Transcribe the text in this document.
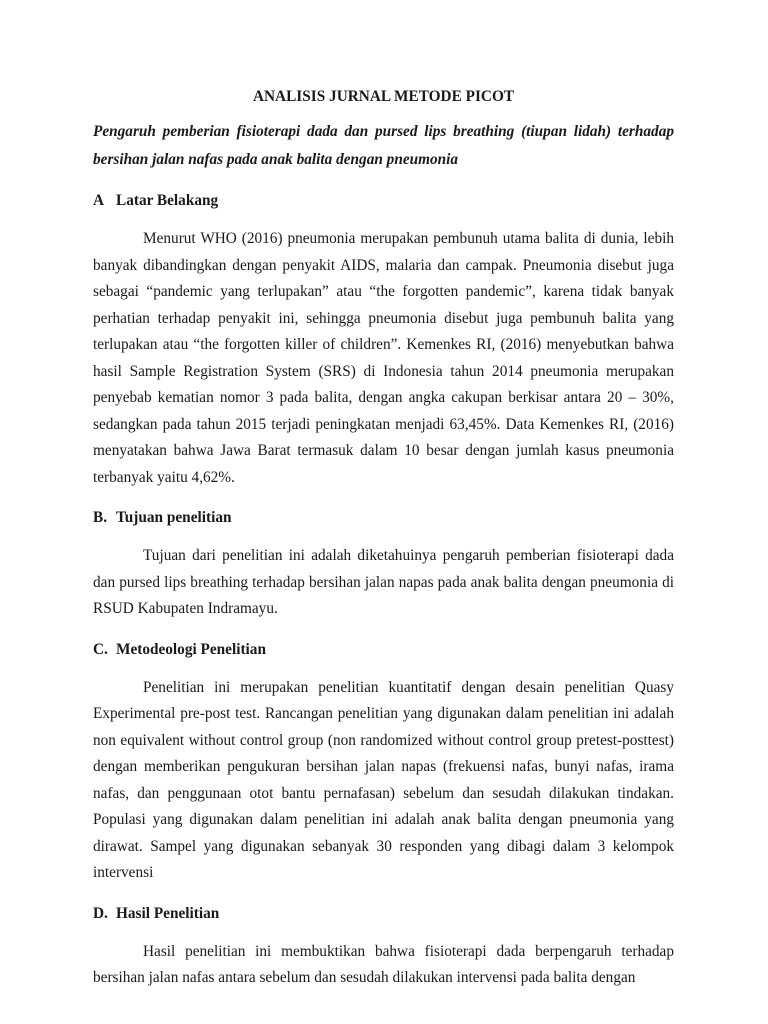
ANALISIS JURNAL METODE PICOT
Pengaruh pemberian fisioterapi dada dan pursed lips breathing (tiupan lidah) terhadap bersihan jalan nafas pada anak balita dengan pneumonia
A Latar Belakang

Menurut WHO (2016) pneumonia merupakan pembunuh utama balita di dunia, lebih banyak dibandingkan dengan penyakit AIDS, malaria dan campak. Pneumonia disebut juga sebagai “pandemic yang terlupakan” atau “the forgotten pandemic”, karena tidak banyak perhatian terhadap penyakit ini, sehingga pneumonia disebut juga pembunuh balita yang terlupakan atau “the forgotten killer of children”. Kemenkes RI, (2016) menyebutkan bahwa hasil Sample Registration System (SRS) di Indonesia tahun 2014 pneumonia merupakan penyebab kematian nomor 3 pada balita, dengan angka cakupan berkisar antara 20 – 30%, sedangkan pada tahun 2015 terjadi peningkatan menjadi 63,45%. Data Kemenkes RI, (2016) menyatakan bahwa Jawa Barat termasuk dalam 10 besar dengan jumlah kasus pneumonia terbanyak yaitu 4,62%.

B. Tujuan penelitian

Tujuan dari penelitian ini adalah diketahuinya pengaruh pemberian fisioterapi dada dan pursed lips breathing terhadap bersihan jalan napas pada anak balita dengan pneumonia di RSUD Kabupaten Indramayu.

C. Metodeologi Penelitian

Penelitian ini merupakan penelitian kuantitatif dengan desain penelitian Quasy Experimental pre-post test. Rancangan penelitian yang digunakan dalam penelitian ini adalah non equivalent without control group (non randomized without control group pretest-posttest) dengan memberikan pengukuran bersihan jalan napas (frekuensi nafas, bunyi nafas, irama nafas, dan penggunaan otot bantu pernafasan) sebelum dan sesudah dilakukan tindakan. Populasi yang digunakan dalam penelitian ini adalah anak balita dengan pneumonia yang dirawat. Sampel yang digunakan sebanyak 30 responden yang dibagi dalam 3 kelompok intervensi

D. Hasil Penelitian

Hasil penelitian ini membuktikan bahwa fisioterapi dada berpengaruh terhadap bersihan jalan nafas antara sebelum dan sesudah dilakukan intervensi pada balita dengan
